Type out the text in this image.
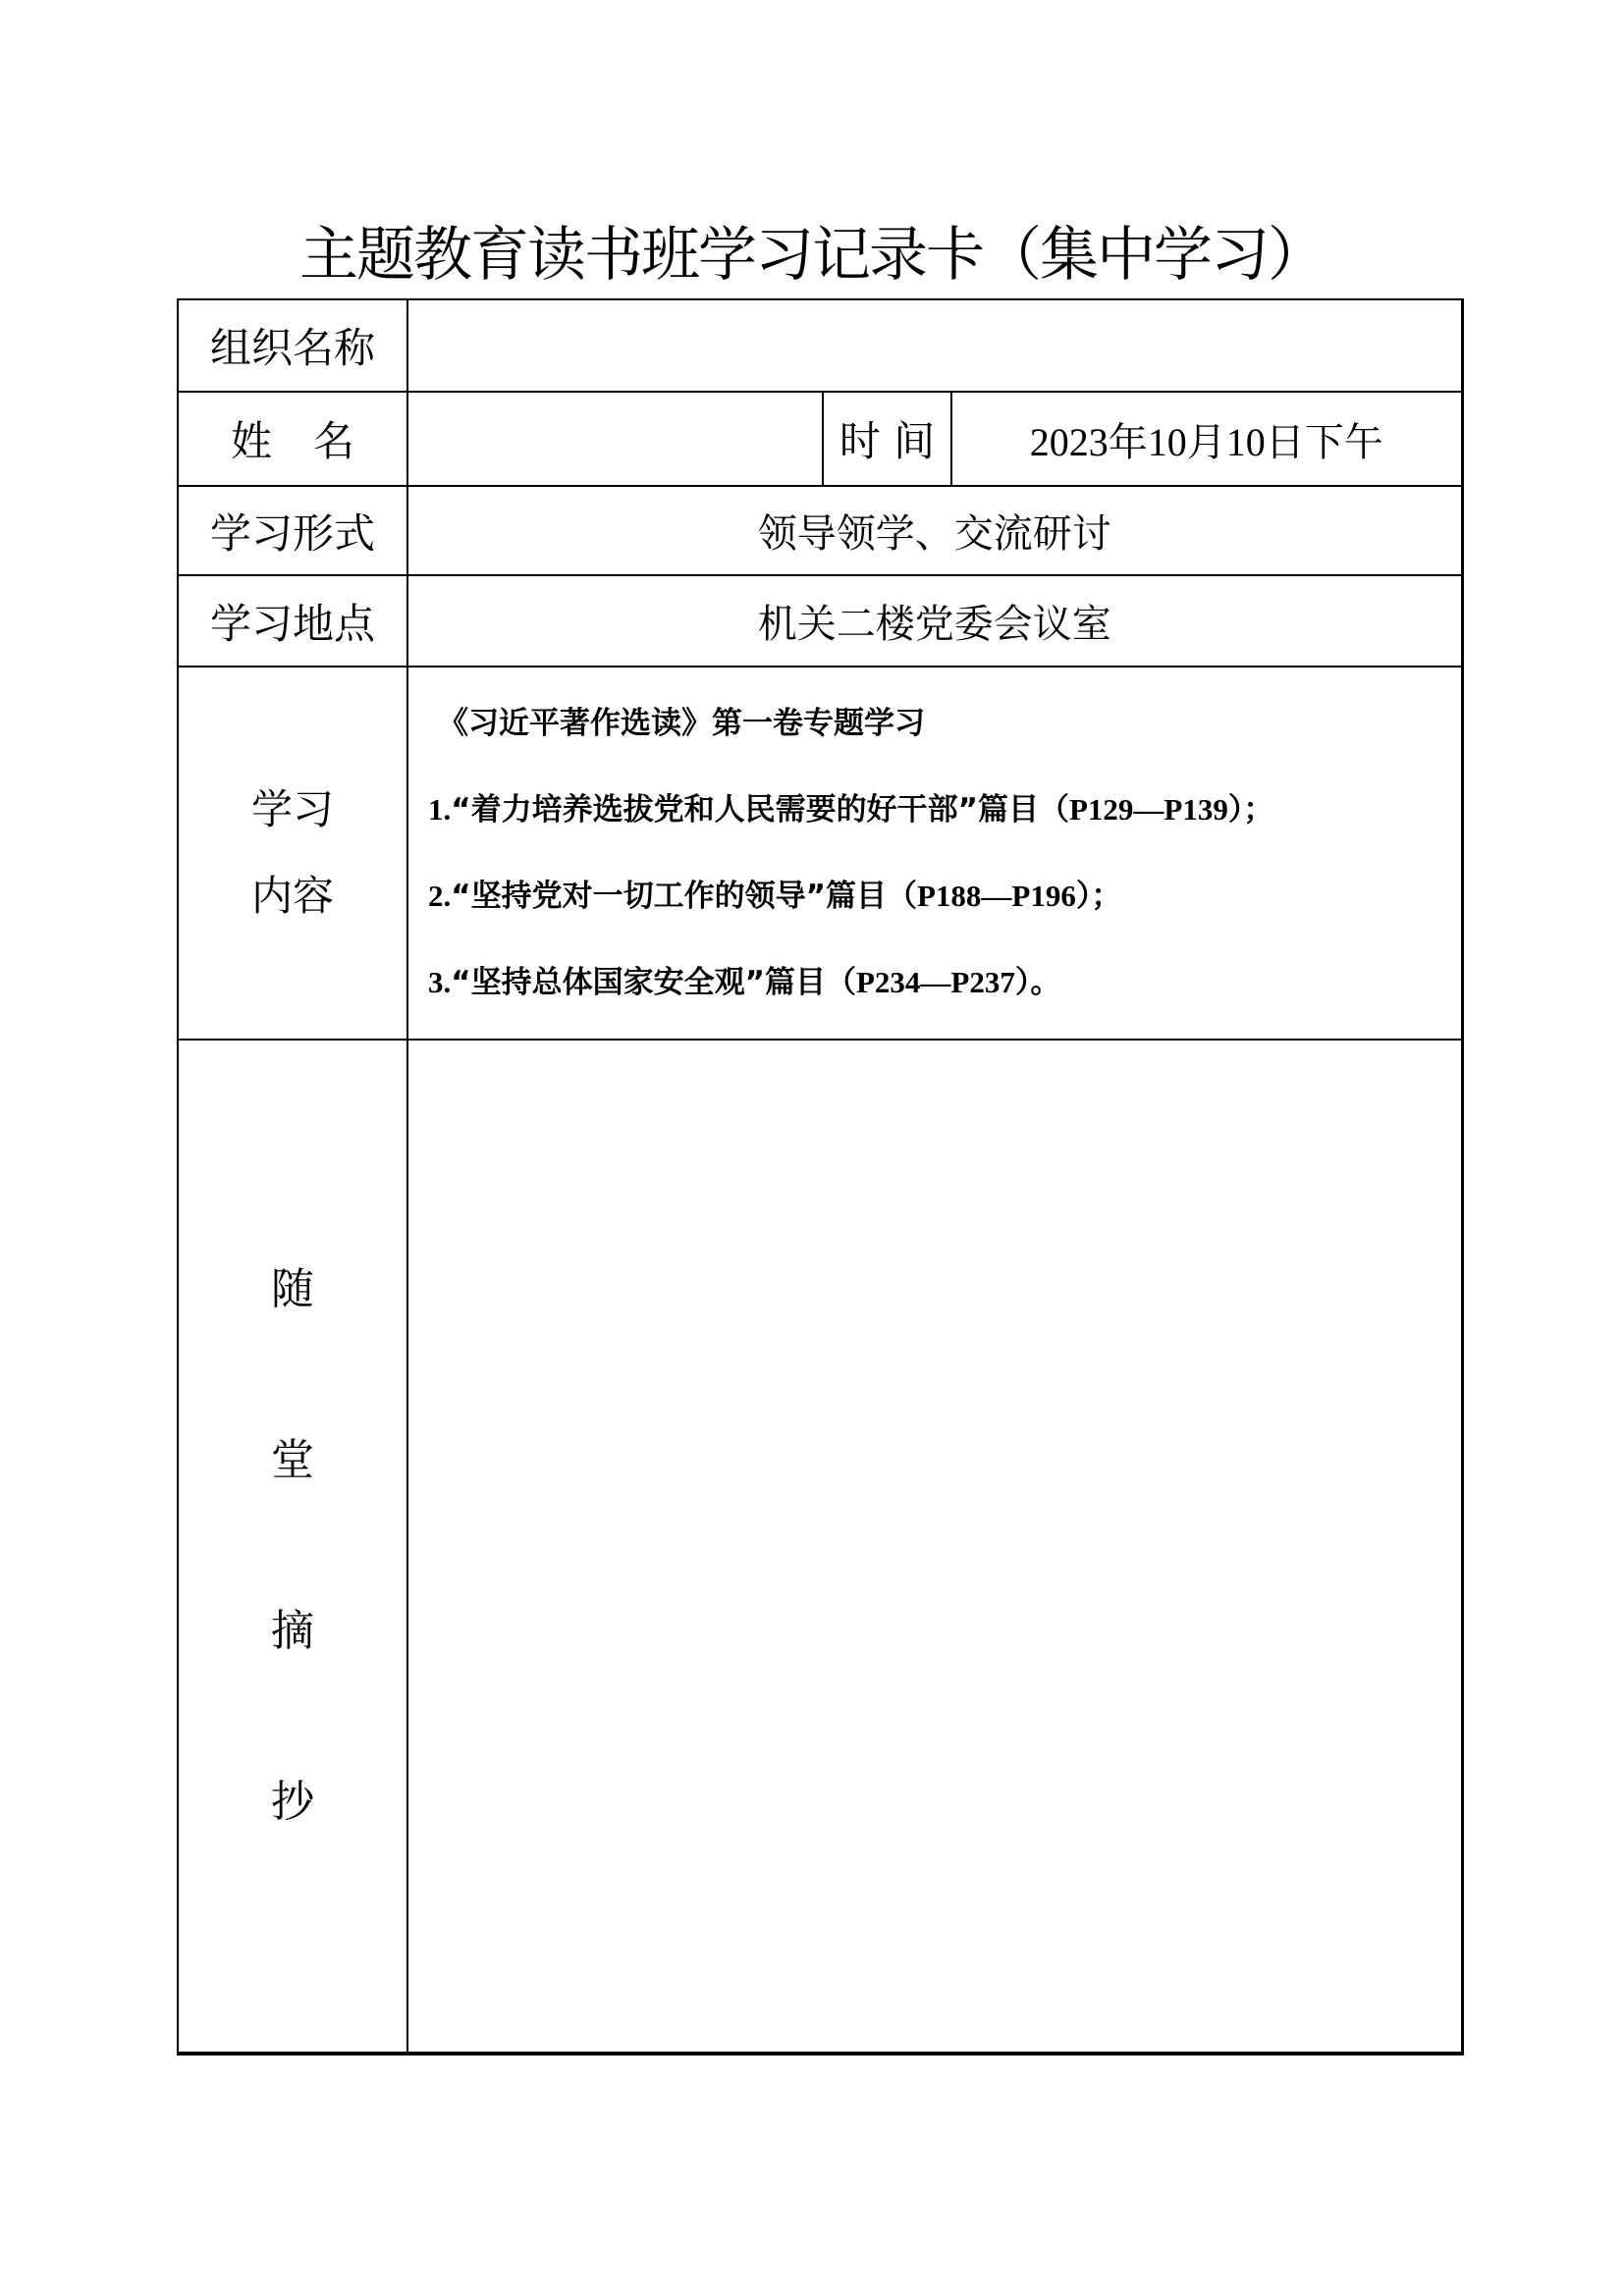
主题教育读书班学习记录卡（集中学习）
组织名称			
姓　名		时 间	2023年10月10日下午
学习形式	领导领学、交流研讨		
学习地点	机关二楼党委会议室		

学习
内容

《习近平著作选读》第一卷专题学习
1.“着力培养选拔党和人民需要的好干部”篇目（P129—P139）；
2.“坚持党对一切工作的领导”篇目（P188—P196）；
3.“坚持总体国家安全观”篇目（P234—P237）。

随
堂
摘
抄			
